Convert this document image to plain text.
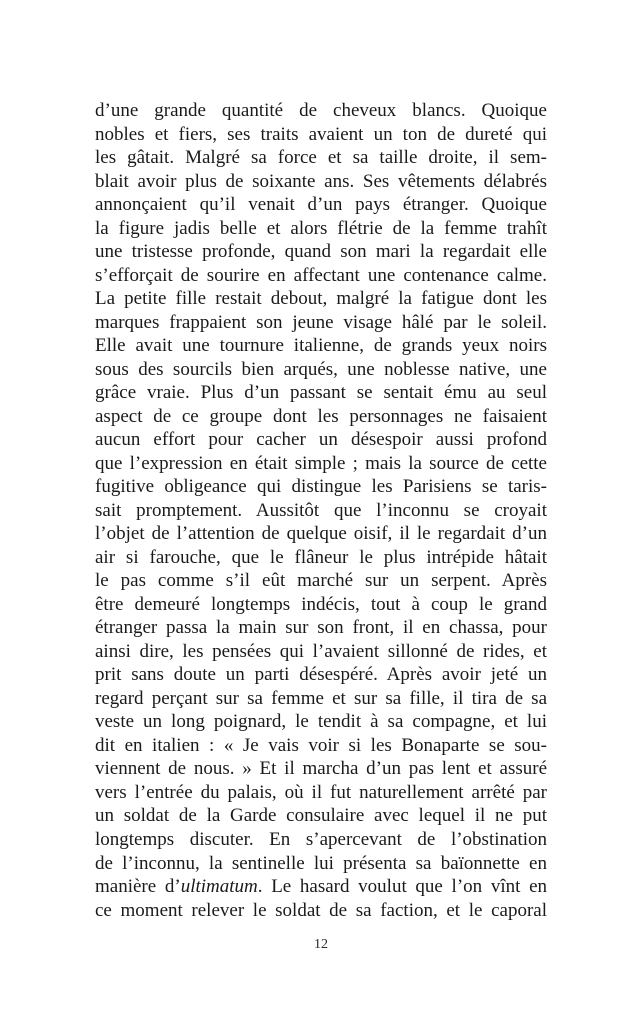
d’une grande quantité de cheveux blancs. Quoique
nobles et fiers, ses traits avaient un ton de dureté qui
les gâtait. Malgré sa force et sa taille droite, il sem-
blait avoir plus de soixante ans. Ses vêtements délabrés
annonçaient qu’il venait d’un pays étranger. Quoique
la figure jadis belle et alors flétrie de la femme trahît
une tristesse profonde, quand son mari la regardait elle
s’efforçait de sourire en affectant une contenance calme.
La petite fille restait debout, malgré la fatigue dont les
marques frappaient son jeune visage hâlé par le soleil.
Elle avait une tournure italienne, de grands yeux noirs
sous des sourcils bien arqués, une noblesse native, une
grâce vraie. Plus d’un passant se sentait ému au seul
aspect de ce groupe dont les personnages ne faisaient
aucun effort pour cacher un désespoir aussi profond
que l’expression en était simple ; mais la source de cette
fugitive obligeance qui distingue les Parisiens se taris-
sait promptement. Aussitôt que l’inconnu se croyait
l’objet de l’attention de quelque oisif, il le regardait d’un
air si farouche, que le flâneur le plus intrépide hâtait
le pas comme s’il eût marché sur un serpent. Après
être demeuré longtemps indécis, tout à coup le grand
étranger passa la main sur son front, il en chassa, pour
ainsi dire, les pensées qui l’avaient sillonné de rides, et
prit sans doute un parti désespéré. Après avoir jeté un
regard perçant sur sa femme et sur sa fille, il tira de sa
veste un long poignard, le tendit à sa compagne, et lui
dit en italien : « Je vais voir si les Bonaparte se sou-
viennent de nous. » Et il marcha d’un pas lent et assuré
vers l’entrée du palais, où il fut naturellement arrêté par
un soldat de la Garde consulaire avec lequel il ne put
longtemps discuter. En s’apercevant de l’obstination
de l’inconnu, la sentinelle lui présenta sa baïonnette en
manière d’ultimatum. Le hasard voulut que l’on vînt en
ce moment relever le soldat de sa faction, et le caporal
12
